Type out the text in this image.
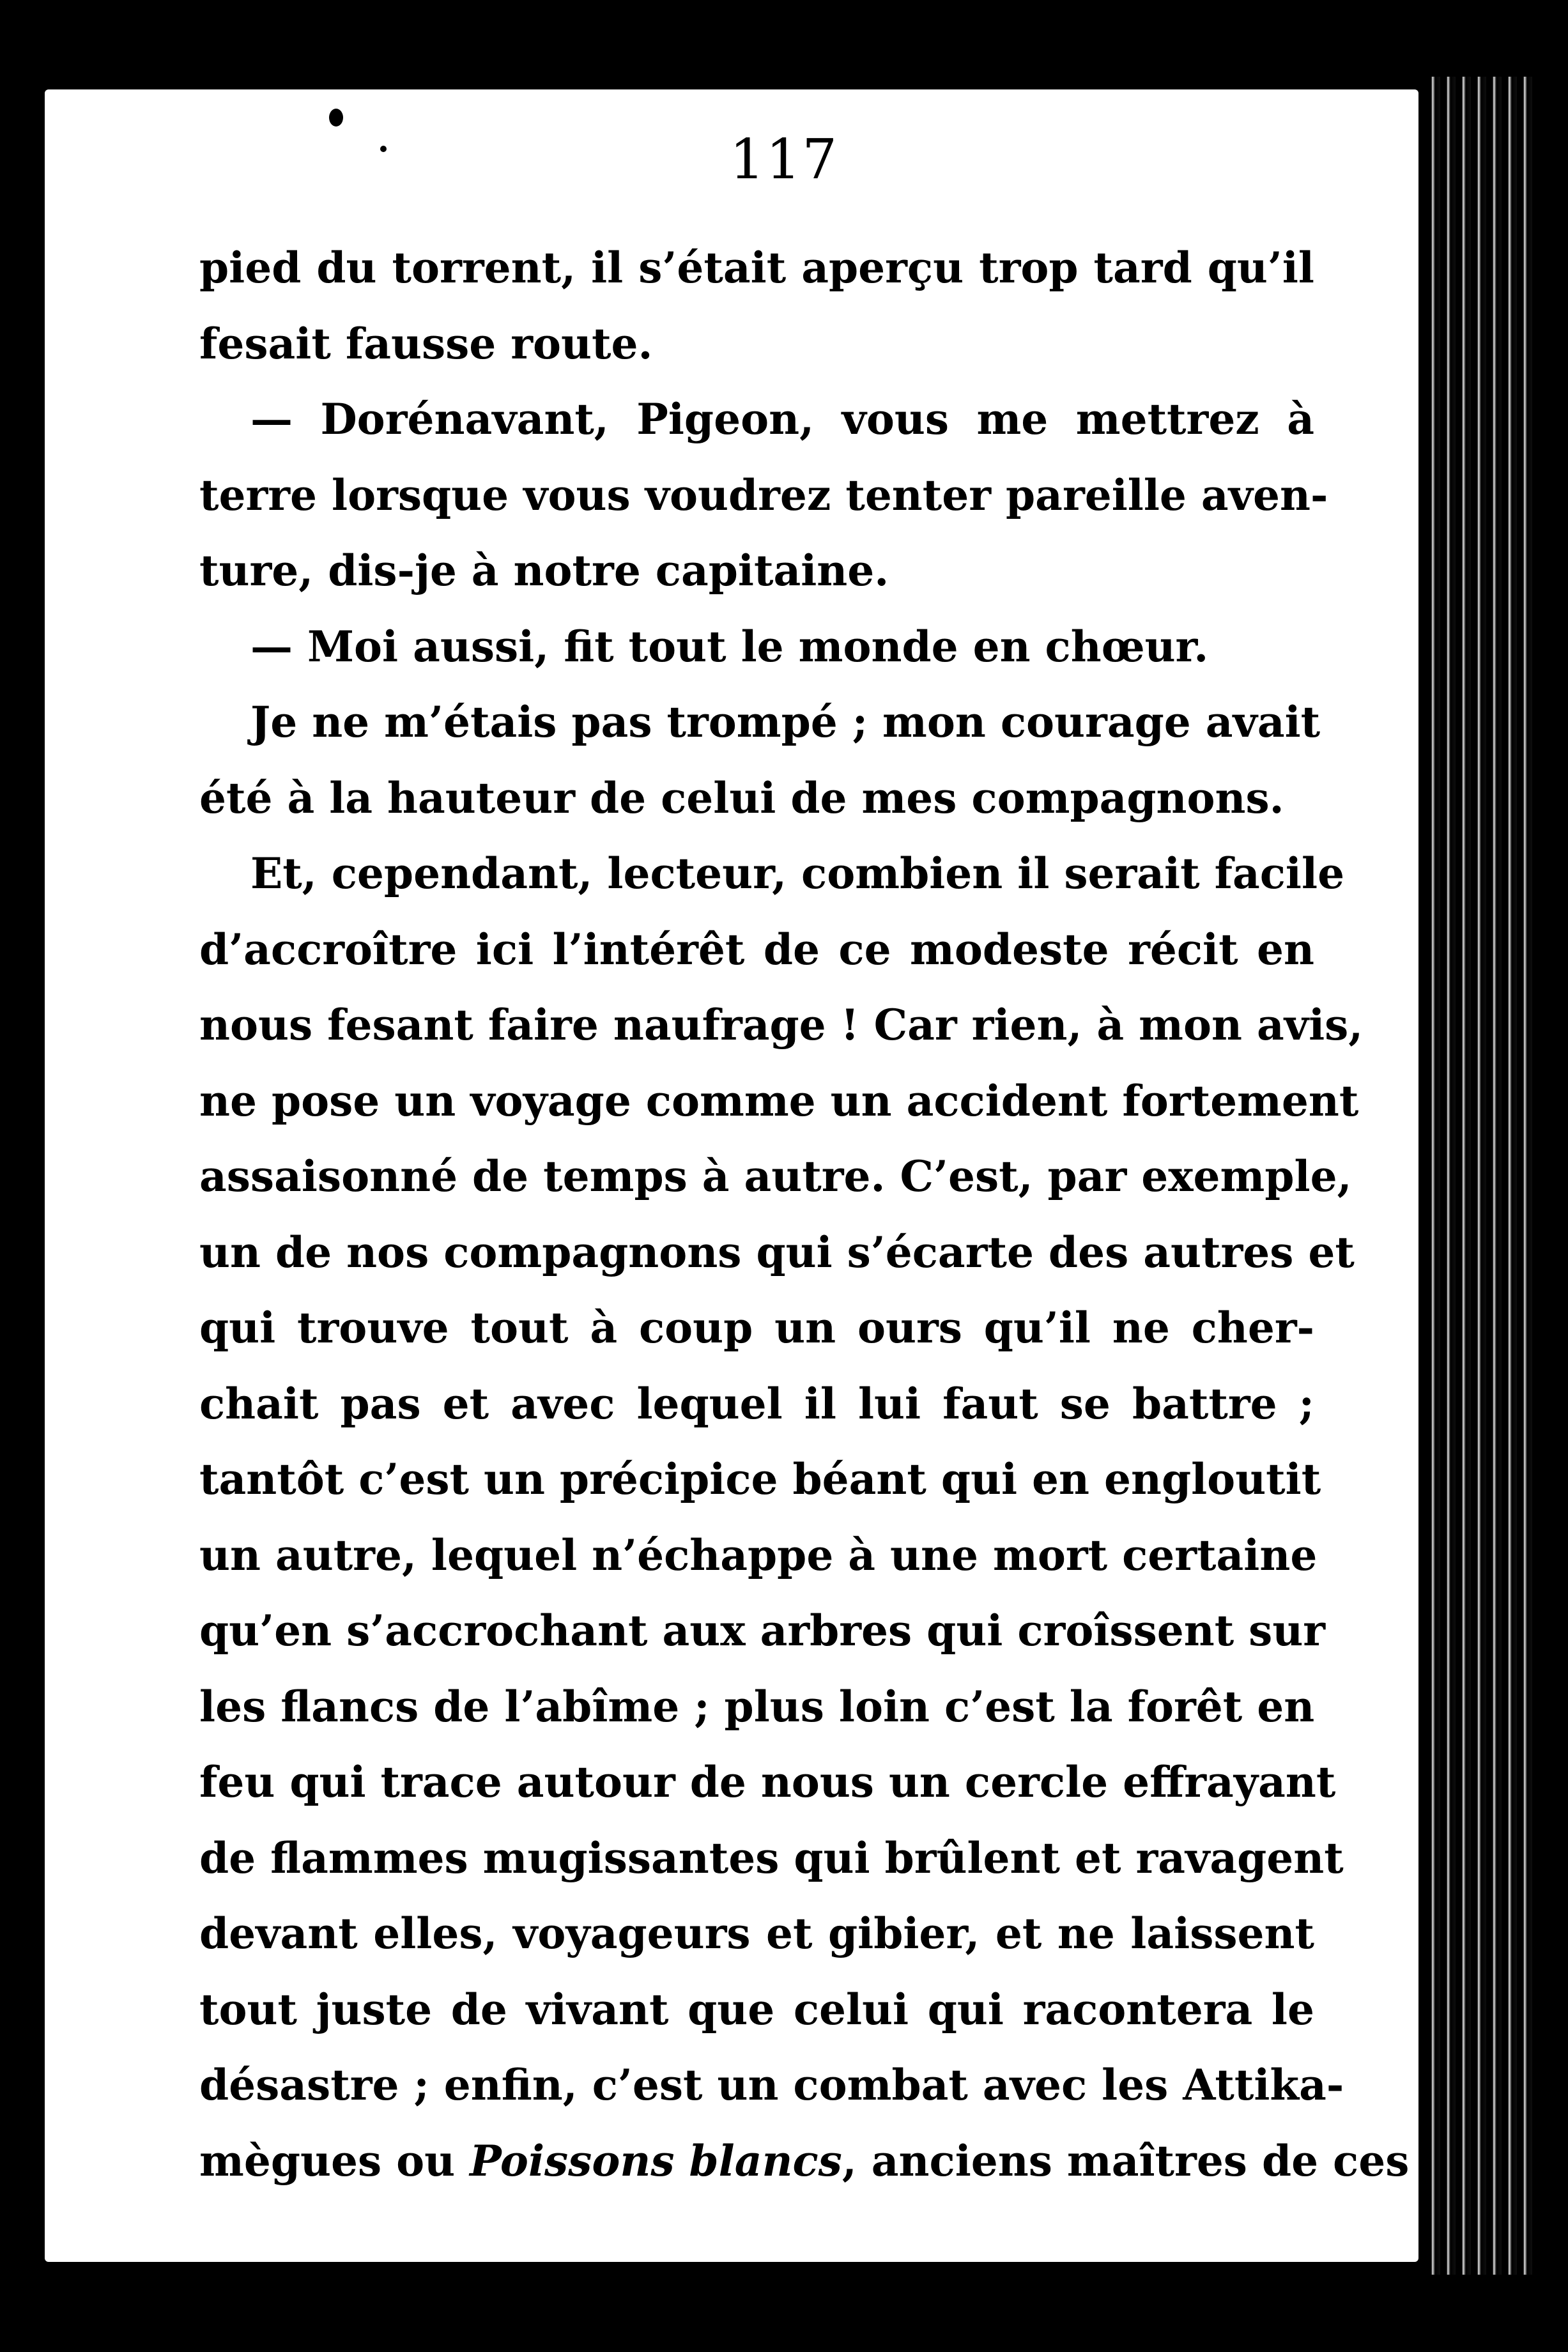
117
pied du torrent, il s’était aperçu trop tard qu’il
fesait fausse route.
— Dorénavant, Pigeon, vous me mettrez à
terre lorsque vous voudrez tenter pareille aven-
ture, dis-je à notre capitaine.
— Moi aussi, fit tout le monde en chœur.
Je ne m’étais pas trompé ; mon courage avait
été à la hauteur de celui de mes compagnons.
Et, cependant, lecteur, combien il serait facile
d’accroître ici l’intérêt de ce modeste récit en
nous fesant faire naufrage ! Car rien, à mon avis,
ne pose un voyage comme un accident fortement
assaisonné de temps à autre. C’est, par exemple,
un de nos compagnons qui s’écarte des autres et
qui trouve tout à coup un ours qu’il ne cher-
chait pas et avec lequel il lui faut se battre ;
tantôt c’est un précipice béant qui en engloutit
un autre, lequel n’échappe à une mort certaine
qu’en s’accrochant aux arbres qui croîssent sur
les flancs de l’abîme ; plus loin c’est la forêt en
feu qui trace autour de nous un cercle effrayant
de flammes mugissantes qui brûlent et ravagent
devant elles, voyageurs et gibier, et ne laissent
tout juste de vivant que celui qui racontera le
désastre ; enfin, c’est un combat avec les Attika-
mègues ou Poissons blancs, anciens maîtres de ces
